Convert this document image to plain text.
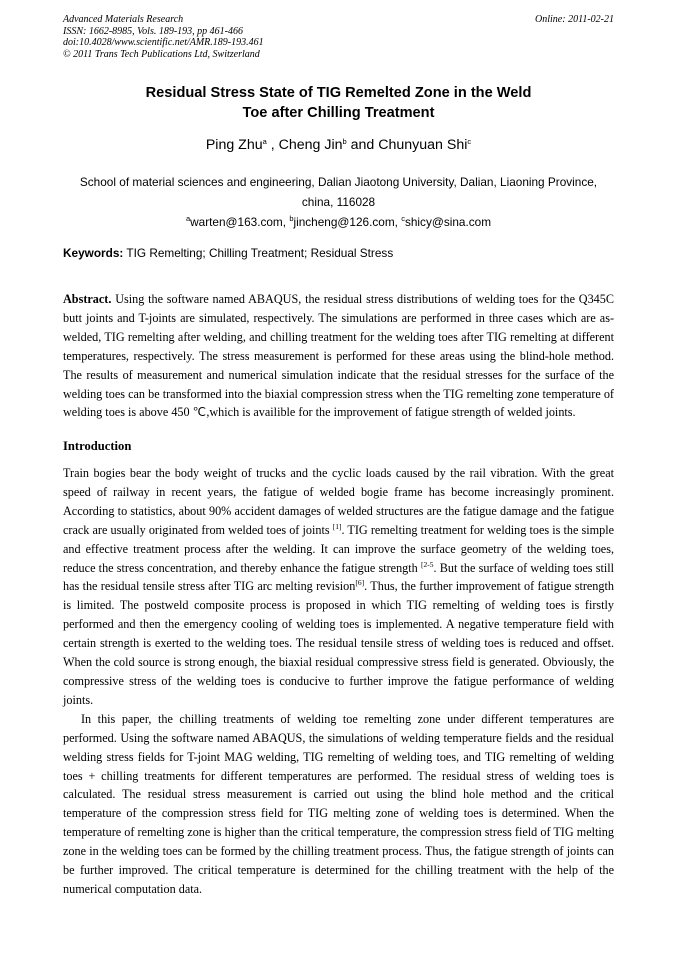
Advanced Materials Research
ISSN: 1662-8985, Vols. 189-193, pp 461-466
doi:10.4028/www.scientific.net/AMR.189-193.461
© 2011 Trans Tech Publications Ltd, Switzerland
Online: 2011-02-21
Residual Stress State of TIG Remelted Zone in the Weld
Toe after Chilling Treatment
Ping Zhu$^a$ , Cheng Jin$^b$ and Chunyuan Shi$^c$
School of material sciences and engineering, Dalian Jiaotong University, Dalian, Liaoning Province, china, 116028
$^a$warten@163.com, $^b$jincheng@126.com, $^c$shicy@sina.com
Keywords: TIG Remelting; Chilling Treatment; Residual Stress
Abstract. Using the software named ABAQUS, the residual stress distributions of welding toes for the Q345C butt joints and T-joints are simulated, respectively. The simulations are performed in three cases which are as-welded, TIG remelting after welding, and chilling treatment for the welding toes after TIG remelting at different temperatures, respectively. The stress measurement is performed for these areas using the blind-hole method. The results of measurement and numerical simulation indicate that the residual stresses for the surface of the welding toes can be transformed into the biaxial compression stress when the TIG remelting zone temperature of welding toes is above 450 ℃,which is availible for the improvement of fatigue strength of welded joints.
Introduction

Train bogies bear the body weight of trucks and the cyclic loads caused by the rail vibration. With the great speed of railway in recent years, the fatigue of welded bogie frame has become increasingly prominent. According to statistics, about 90% accident damages of welded structures are the fatigue damage and the fatigue crack are usually originated from welded toes of joints [1]. TIG remelting treatment for welding toes is the simple and effective treatment process after the welding. It can improve the surface geometry of the welding toes, reduce the stress concentration, and thereby enhance the fatigue strength $^{[2-5}$. But the surface of welding toes still has the residual tensile stress after TIG arc melting revision[6]. Thus, the further improvement of fatigue strength is limited. The postweld composite process is proposed in which TIG remelting of welding toes is firstly performed and then the emergency cooling of welding toes is implemented. A negative temperature field with certain strength is exerted to the welding toes. The residual tensile stress of welding toes is reduced and offset. When the cold source is strong enough, the biaxial residual compressive stress field is generated. Obviously, the compressive stress of the welding toes is conducive to further improve the fatigue performance of welding joints.

In this paper, the chilling treatments of welding toe remelting zone under different temperatures are performed. Using the software named ABAQUS, the simulations of welding temperature fields and the residual welding stress fields for T-joint MAG welding, TIG remelting of welding toes, and TIG remelting of welding toes + chilling treatments for different temperatures are performed. The residual stress of welding toes is calculated. The residual stress measurement is carried out using the blind hole method and the critical temperature of the compression stress field for TIG melting zone of welding toes is determined. When the temperature of remelting zone is higher than the critical temperature, the compression stress field of TIG melting zone in the welding toes can be formed by the chilling treatment process. Thus, the fatigue strength of joints can be further improved. The critical temperature is determined for the chilling treatment with the help of the numerical computation data.
